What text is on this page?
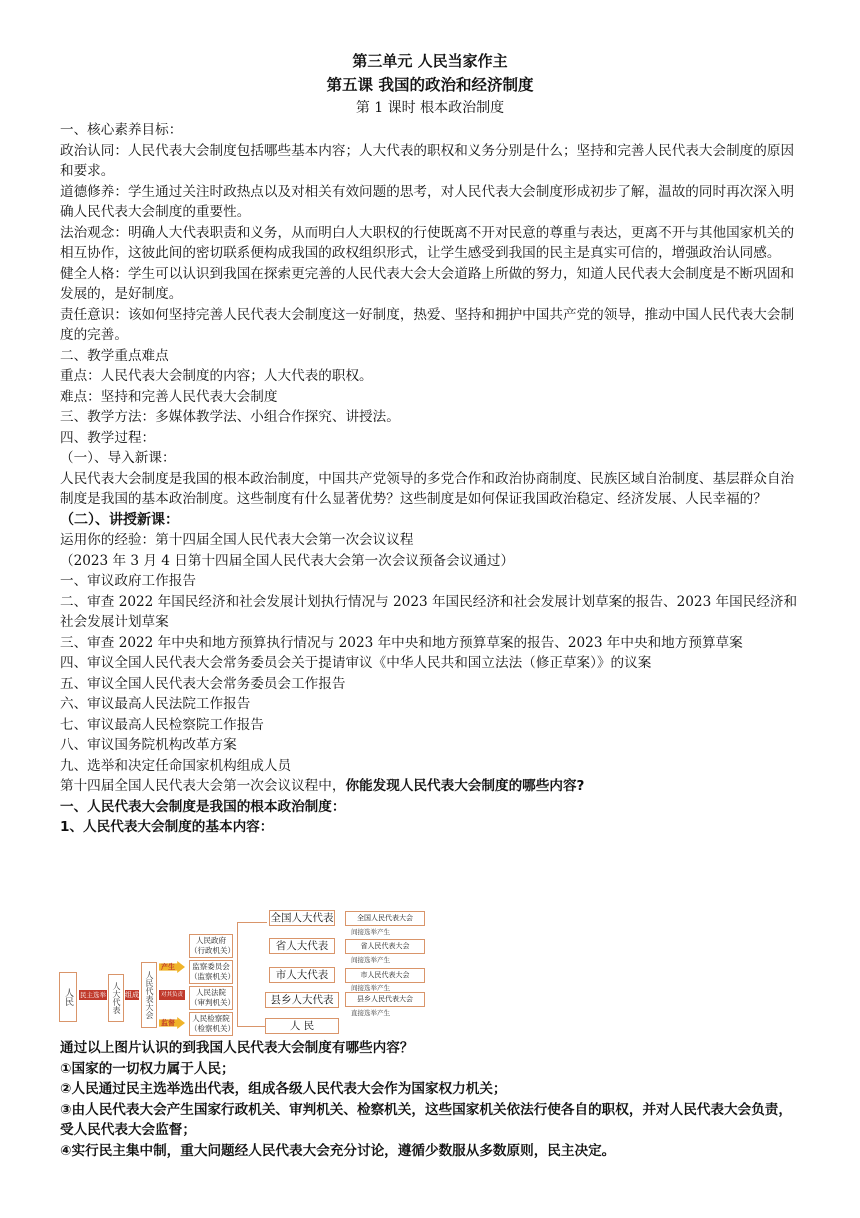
第三单元 人民当家作主
第五课 我国的政治和经济制度
第 1 课时 根本政治制度

一、核心素养目标：

政治认同：人民代表大会制度包括哪些基本内容；人大代表的职权和义务分别是什么；坚持和完善人民代表大会制度的原因和要求。

道德修养：学生通过关注时政热点以及对相关有效问题的思考，对人民代表大会制度形成初步了解，温故的同时再次深入明确人民代表大会制度的重要性。

法治观念：明确人大代表职责和义务，从而明白人大职权的行使既离不开对民意的尊重与表达，更离不开与其他国家机关的相互协作，这彼此间的密切联系便构成我国的政权组织形式，让学生感受到我国的民主是真实可信的，增强政治认同感。

健全人格：学生可以认识到我国在探索更完善的人民代表大会大会道路上所做的努力，知道人民代表大会制度是不断巩固和发展的，是好制度。

责任意识：该如何坚持完善人民代表大会制度这一好制度，热爱、坚持和拥护中国共产党的领导，推动中国人民代表大会制度的完善。

二、教学重点难点

重点：人民代表大会制度的内容；人大代表的职权。

难点：坚持和完善人民代表大会制度

三、教学方法：多媒体教学法、小组合作探究、讲授法。

四、教学过程：

（一）、导入新课：

人民代表大会制度是我国的根本政治制度，中国共产党领导的多党合作和政治协商制度、民族区域自治制度、基层群众自治制度是我国的基本政治制度。这些制度有什么显著优势？这些制度是如何保证我国政治稳定、经济发展、人民幸福的？

（二）、讲授新课：

运用你的经验：第十四届全国人民代表大会第一次会议议程

（2023 年 3 月 4 日第十四届全国人民代表大会第一次会议预备会议通过）

一、审议政府工作报告

二、审查 2022 年国民经济和社会发展计划执行情况与 2023 年国民经济和社会发展计划草案的报告、2023 年国民经济和社会发展计划草案

三、审查 2022 年中央和地方预算执行情况与 2023 年中央和地方预算草案的报告、2023 年中央和地方预算草案

四、审议全国人民代表大会常务委员会关于提请审议《中华人民共和国立法法（修正草案）》的议案

五、审议全国人民代表大会常务委员会工作报告

六、审议最高人民法院工作报告

七、审议最高人民检察院工作报告

八、审议国务院机构改革方案

九、选举和决定任命国家机构组成人员

第十四届全国人民代表大会第一次会议议程中，你能发现人民代表大会制度的哪些内容?

一、人民代表大会制度是我国的根本政治制度：

1、人民代表大会制度的基本内容：

人民	民主选举 人大代表 组成 人民代表大会
产生
对其负责
监督
人民政府（行政机关）
监察委员会（监察机关）
人民法院（审判机关）
人民检察院（检察机关）
全国人大代表	全国人民代表大会
间接选举产生
省人大代表	省人民代表大会
间接选举产生
市人大代表	市人民代表大会
间接选举产生
县乡人大代表	县乡人民代表大会
直接选举产生
人 民

通过以上图片认识的到我国人民代表大会制度有哪些内容？

①国家的一切权力属于人民；

②人民通过民主选举选出代表，组成各级人民代表大会作为国家权力机关；

③由人民代表大会产生国家行政机关、审判机关、检察机关，这些国家机关依法行使各自的职权，并对人民代表大会负责，受人民代表大会监督；

④实行民主集中制，重大问题经人民代表大会充分讨论，遵循少数服从多数原则，民主决定。
